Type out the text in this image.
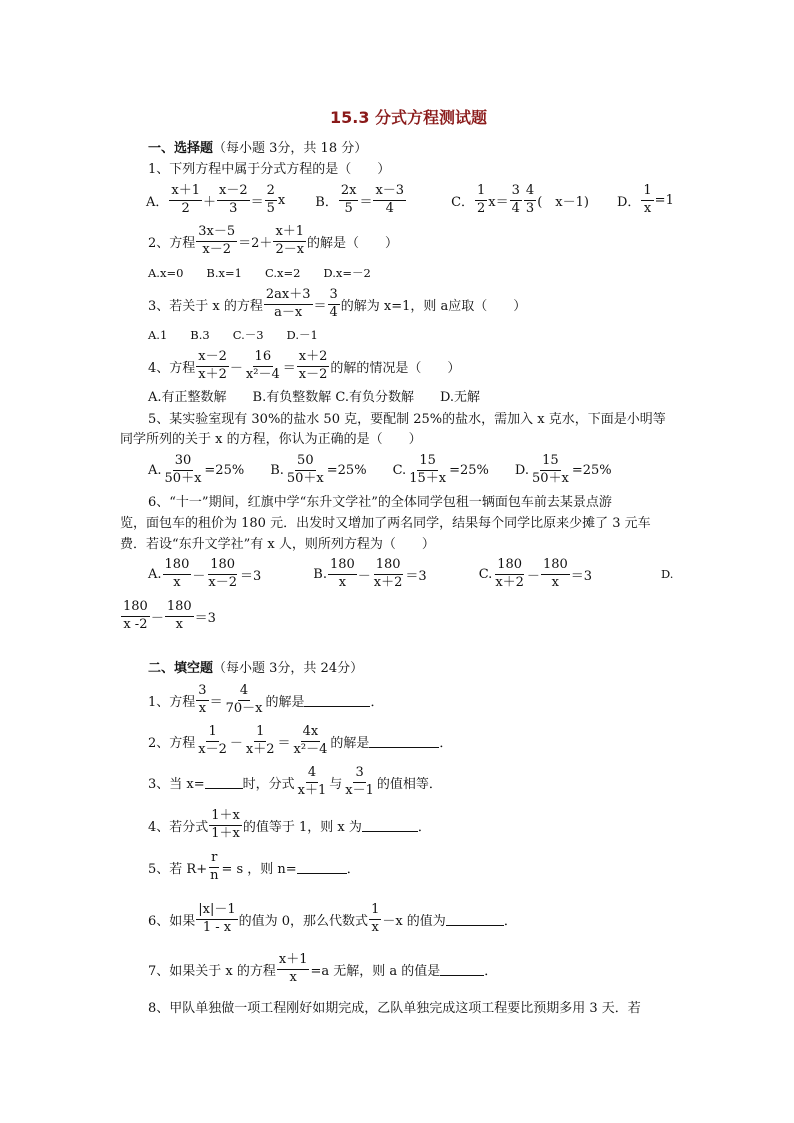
15.3 分式方程测试题
一、选择题（每小题 3分，共 18 分）
1、下列方程中属于分式方程的是（　　）
A． $\frac{x+1}{2} + \frac{x-2}{3} = \frac{2}{5}$ x B． $\frac{2x}{5} = \frac{x-3}{4}$	C． $\frac{1}{2} x= \frac{3}{4} \frac{4}{3}$ (　x－1) D． $\frac{1}{x} =1$
2、方程 $\frac{3x-5}{x-2} =2+ \frac{x+1}{2-x}$ 的解是（　　）
A.x=0　　B.x=1　　C.x=2　　D.x=－2
3、若关于 x 的方程 $\frac{2ax+3}{a-x} = \frac{3}{4}$ 的解为 x=1，则 a应取（　　）
A.1　　B.3　　C.－3　　D.－1
4、方程 $\frac{x-2}{x+2} - \frac{16}{\text{x²－4}} = \frac{x+2}{x-2}$ 的解的情况是（　　）
A.有正整数解　　B.有负整数解 C.有负分数解　　D.无解
5、某实验室现有 30%的盐水 50 克，要配制 25%的盐水，需加入 x 克水，下面是小明等
同学所列的关于 x 的方程，你认为正确的是（　　）
A. $\frac{30}{50+x} =25\%$ B. $\frac{50}{50+x} =25\%$ C. $\frac{15}{15+x} =25\%$ D. $\frac{15}{50+x} =25\%$
6、“十一”期间，红旗中学“东升文学社”的全体同学包租一辆面包车前去某景点游
览，面包车的租价为 180 元．出发时又增加了两名同学，结果每个同学比原来少摊了 3 元车
费．若设“东升文学社”有 x 人，则所列方程为（　　）
A. $\frac{180}{x} - \frac{180}{x-2} =3$	B. $\frac{180}{x} - \frac{180}{x+2} =3$	C. $\frac{180}{x+2} - \frac{180}{x} =3$	D.
$\frac{180}{x -2} - \frac{180}{x} =3$
二、填空题（每小题 3分，共 24分）
1、方程 $\frac{3}{x} = \frac{4}{70-x}$ 的解是	．
2、方程 $\frac{1}{x-2} - \frac{1}{x+2} = \frac{4x}{\text{x²－4}}$ 的解是	．
3、当 x=	时，分式 $\frac{4}{x+1}$ 与 $\frac{3}{x-1}$ 的值相等．
4、若分式 $\frac{1+x}{1+x}$ 的值等于 1，则 x 为	．
5、若 $R+ \frac{r}{n} = s$ ，则 n=	．
6、如果 $\frac{|x|-1}{1 - x}$ 的值为 0，那么代数式 $\frac{1}{x} -x$ 的值为	．
7、如果关于 x 的方程 $\frac{x+1}{x} =a$ 无解，则 a 的值是	．
8、甲队单独做一项工程刚好如期完成，乙队单独完成这项工程要比预期多用 3 天．若
